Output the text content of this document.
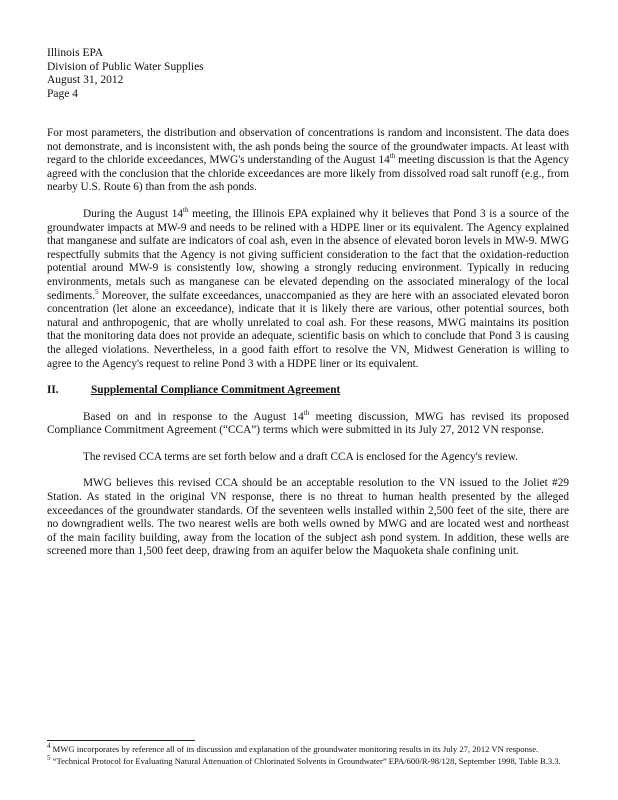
Illinois EPA
Division of Public Water Supplies
August 31, 2012
Page 4

For most parameters, the distribution and observation of concentrations is random and inconsistent. The data does not demonstrate, and is inconsistent with, the ash ponds being the source of the groundwater impacts. At least with regard to the chloride exceedances, MWG's understanding of the August 14th meeting discussion is that the Agency agreed with the conclusion that the chloride exceedances are more likely from dissolved road salt runoff (e.g., from nearby U.S. Route 6) than from the ash ponds.

During the August 14th meeting, the Illinois EPA explained why it believes that Pond 3 is a source of the groundwater impacts at MW-9 and needs to be relined with a HDPE liner or its equivalent. The Agency explained that manganese and sulfate are indicators of coal ash, even in the absence of elevated boron levels in MW-9. MWG respectfully submits that the Agency is not giving sufficient consideration to the fact that the oxidation-reduction potential around MW-9 is consistently low, showing a strongly reducing environment. Typically in reducing environments, metals such as manganese can be elevated depending on the associated mineralogy of the local sediments.$^5$ Moreover, the sulfate exceedances, unaccompanied as they are here with an associated elevated boron concentration (let alone an exceedance), indicate that it is likely there are various, other potential sources, both natural and anthropogenic, that are wholly unrelated to coal ash. For these reasons, MWG maintains its position that the monitoring data does not provide an adequate, scientific basis on which to conclude that Pond 3 is causing the alleged violations. Nevertheless, in a good faith effort to resolve the VN, Midwest Generation is willing to agree to the Agency's request to reline Pond 3 with a HDPE liner or its equivalent.

II.	Supplemental Compliance Commitment Agreement

Based on and in response to the August 14th meeting discussion, MWG has revised its proposed Compliance Commitment Agreement (“CCA”) terms which were submitted in its July 27, 2012 VN response.

The revised CCA terms are set forth below and a draft CCA is enclosed for the Agency's review.

MWG believes this revised CCA should be an acceptable resolution to the VN issued to the Joliet #29 Station. As stated in the original VN response, there is no threat to human health presented by the alleged exceedances of the groundwater standards. Of the seventeen wells installed within 2,500 feet of the site, there are no downgradient wells. The two nearest wells are both wells owned by MWG and are located west and northeast of the main facility building, away from the location of the subject ash pond system. In addition, these wells are screened more than 1,500 feet deep, drawing from an aquifer below the Maquoketa shale confining unit.

$^4$ MWG incorporates by reference all of its discussion and explanation of the groundwater monitoring results in its July 27, 2012 VN response.
$^5$ “Technical Protocol for Evaluating Natural Attenuation of Chlorinated Solvents in Groundwater” EPA/600/R-98/128, September 1998, Table B.3.3.
